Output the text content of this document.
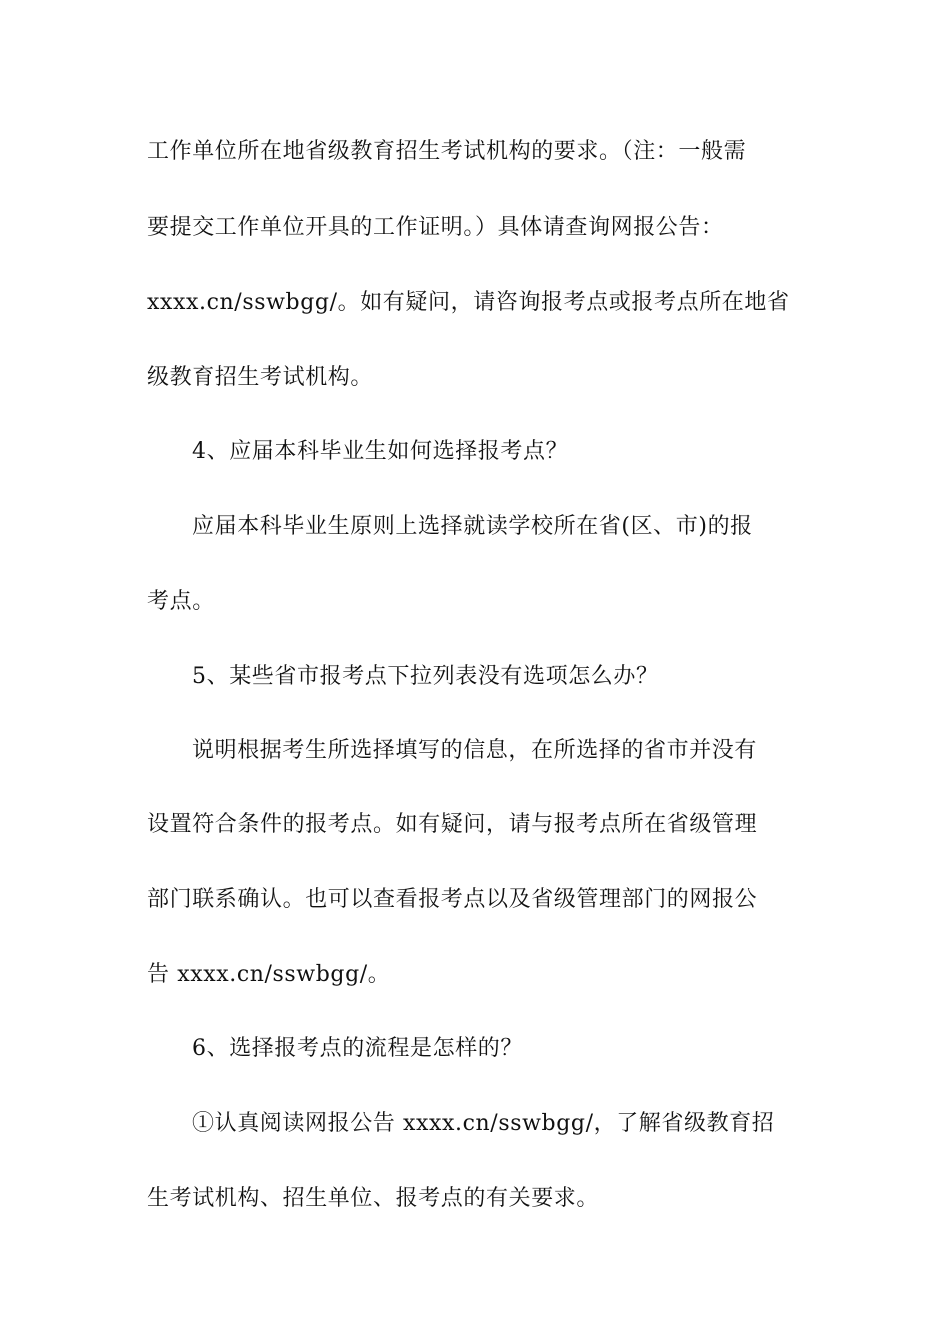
工作单位所在地省级教育招生考试机构的要求。（注：一般需

要提交工作单位开具的工作证明。）具体请查询网报公告：

xxxx.cn/sswbgg/。如有疑问，请咨询报考点或报考点所在地省

级教育招生考试机构。

4、应届本科毕业生如何选择报考点？

应届本科毕业生原则上选择就读学校所在省(区、市)的报

考点。

5、某些省市报考点下拉列表没有选项怎么办？

说明根据考生所选择填写的信息，在所选择的省市并没有

设置符合条件的报考点。如有疑问，请与报考点所在省级管理

部门联系确认。也可以查看报考点以及省级管理部门的网报公

告 xxxx.cn/sswbgg/。

6、选择报考点的流程是怎样的？

①认真阅读网报公告 xxxx.cn/sswbgg/，了解省级教育招

生考试机构、招生单位、报考点的有关要求。
